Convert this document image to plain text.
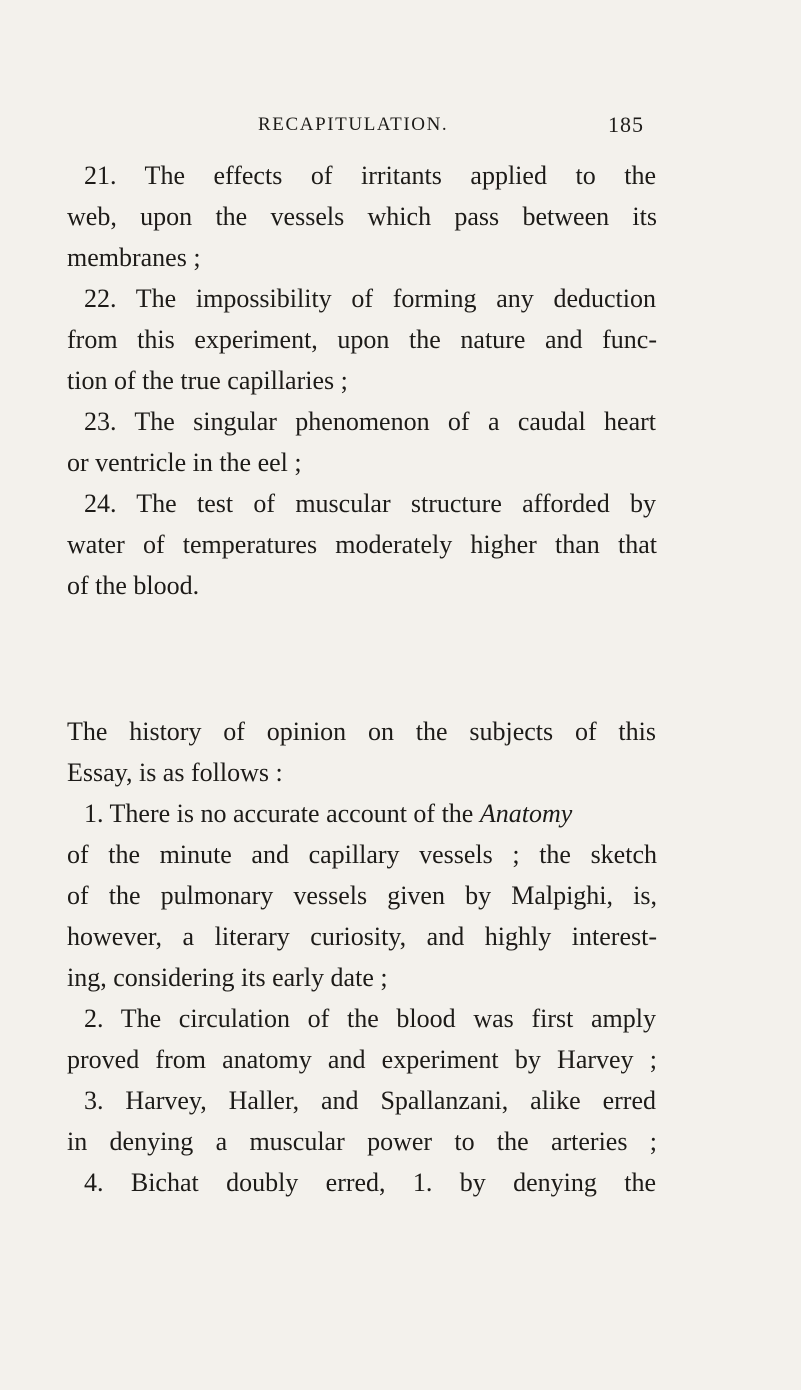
RECAPITULATION.	185
21. The effects of irritants applied to the
web, upon the vessels which pass between its
membranes ;
22. The impossibility of forming any deduction
from this experiment, upon the nature and func-
tion of the true capillaries ;
23. The singular phenomenon of a caudal heart
or ventricle in the eel ;
24. The test of muscular structure afforded by
water of temperatures moderately higher than that
of the blood.
The history of opinion on the subjects of this
Essay, is as follows :
1. There is no accurate account of the Anatomy
of the minute and capillary vessels ; the sketch
of the pulmonary vessels given by Malpighi, is,
however, a literary curiosity, and highly interest-
ing, considering its early date ;
2. The circulation of the blood was first amply
proved from anatomy and experiment by Harvey ;
3. Harvey, Haller, and Spallanzani, alike erred
in denying a muscular power to the arteries ;
4. Bichat doubly erred, 1. by denying the
